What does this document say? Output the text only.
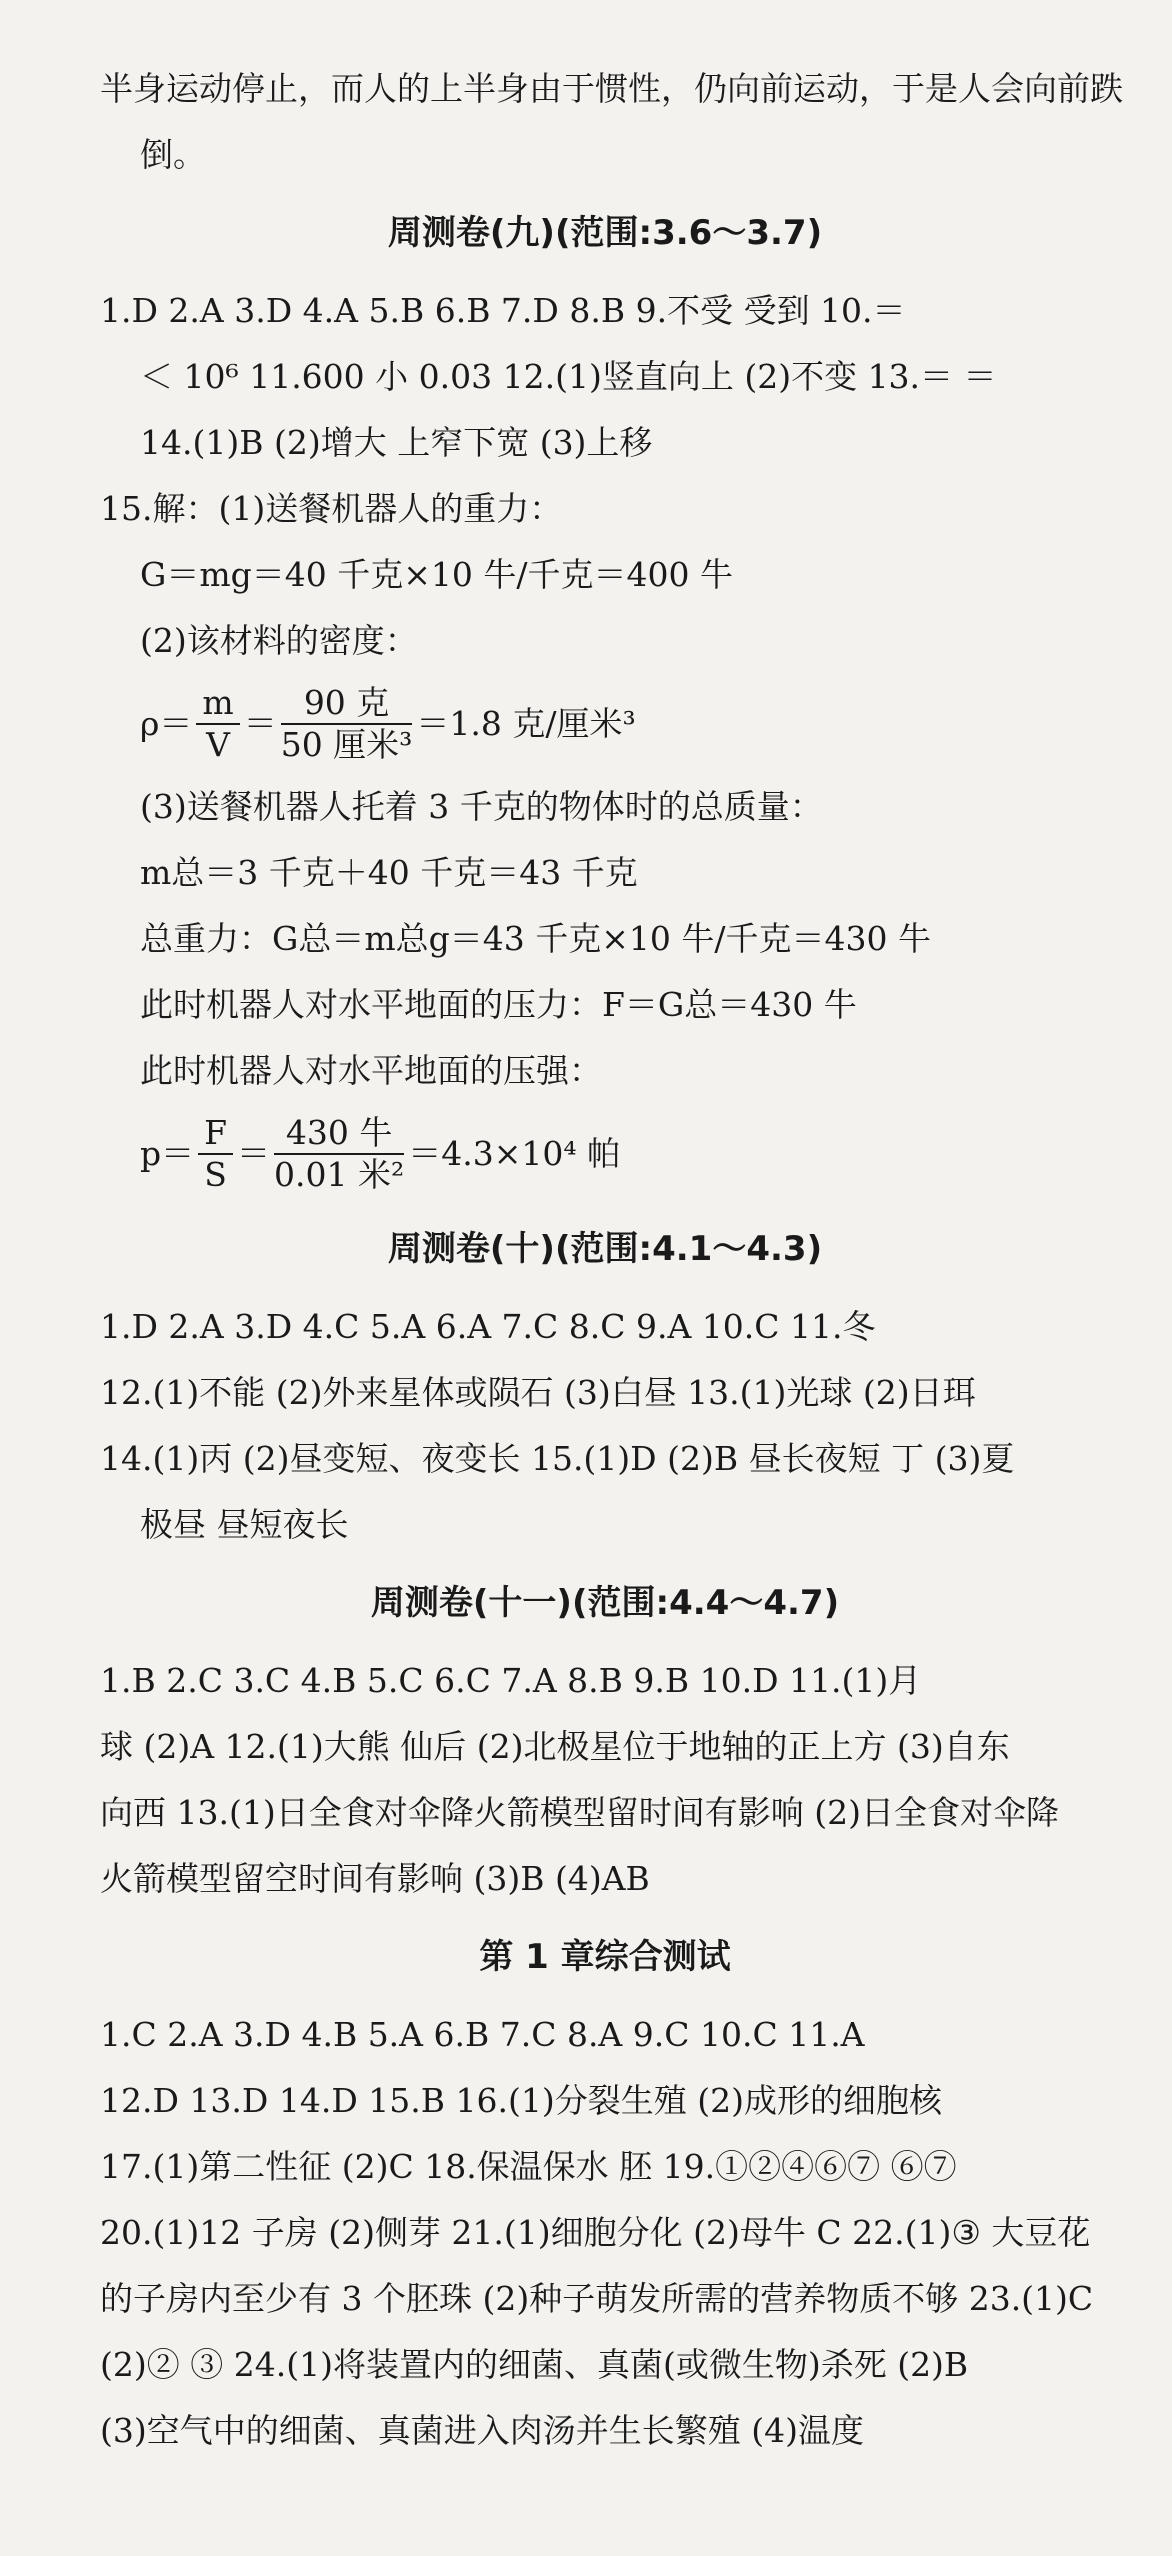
半身运动停止，而人的上半身由于惯性，仍向前运动，于是人会向前跌
倒。
周测卷(九)(范围:3.6～3.7)
1.D 2.A 3.D 4.A 5.B 6.B 7.D 8.B 9.不受 受到 10.＝
＜ 10⁶ 11.600 小 0.03 12.(1)竖直向上 (2)不变 13.＝ ＝
14.(1)B (2)增大 上窄下宽 (3)上移
15.解：(1)送餐机器人的重力：
G＝mg＝40 千克×10 牛/千克＝400 牛
(2)该材料的密度：
$\rho= \frac{m}{V} = \frac{\text{90 克}}{\text{50 厘米³}} =1.8$ 克/厘米³
(3)送餐机器人托着 3 千克的物体时的总质量：
m总＝3 千克＋40 千克＝43 千克
总重力：G总＝m总g＝43 千克×10 牛/千克＝430 牛
此时机器人对水平地面的压力：F＝G总＝430 牛
此时机器人对水平地面的压强：
$p= \frac{F}{S} = \frac{\text{430 牛}}{\text{0.01 米²}} =4.3\times 10^4$ 帕
周测卷(十)(范围:4.1～4.3)
1.D 2.A 3.D 4.C 5.A 6.A 7.C 8.C 9.A 10.C 11.冬
12.(1)不能 (2)外来星体或陨石 (3)白昼 13.(1)光球 (2)日珥
14.(1)丙 (2)昼变短、夜变长 15.(1)D (2)B 昼长夜短 丁 (3)夏
极昼 昼短夜长
周测卷(十一)(范围:4.4～4.7)
1.B 2.C 3.C 4.B 5.C 6.C 7.A 8.B 9.B 10.D 11.(1)月
球 (2)A 12.(1)大熊 仙后 (2)北极星位于地轴的正上方 (3)自东
向西 13.(1)日全食对伞降火箭模型留时间有影响 (2)日全食对伞降
火箭模型留空时间有影响 (3)B (4)AB
第 1 章综合测试
1.C 2.A 3.D 4.B 5.A 6.B 7.C 8.A 9.C 10.C 11.A
12.D 13.D 14.D 15.B 16.(1)分裂生殖 (2)成形的细胞核
17.(1)第二性征 (2)C 18.保温保水 胚 19.①②④⑥⑦ ⑥⑦
20.(1)12 子房 (2)侧芽 21.(1)细胞分化 (2)母牛 C 22.(1)③ 大豆花
的子房内至少有 3 个胚珠 (2)种子萌发所需的营养物质不够 23.(1)C
(2)② ③ 24.(1)将装置内的细菌、真菌(或微生物)杀死 (2)B
(3)空气中的细菌、真菌进入肉汤并生长繁殖 (4)温度
